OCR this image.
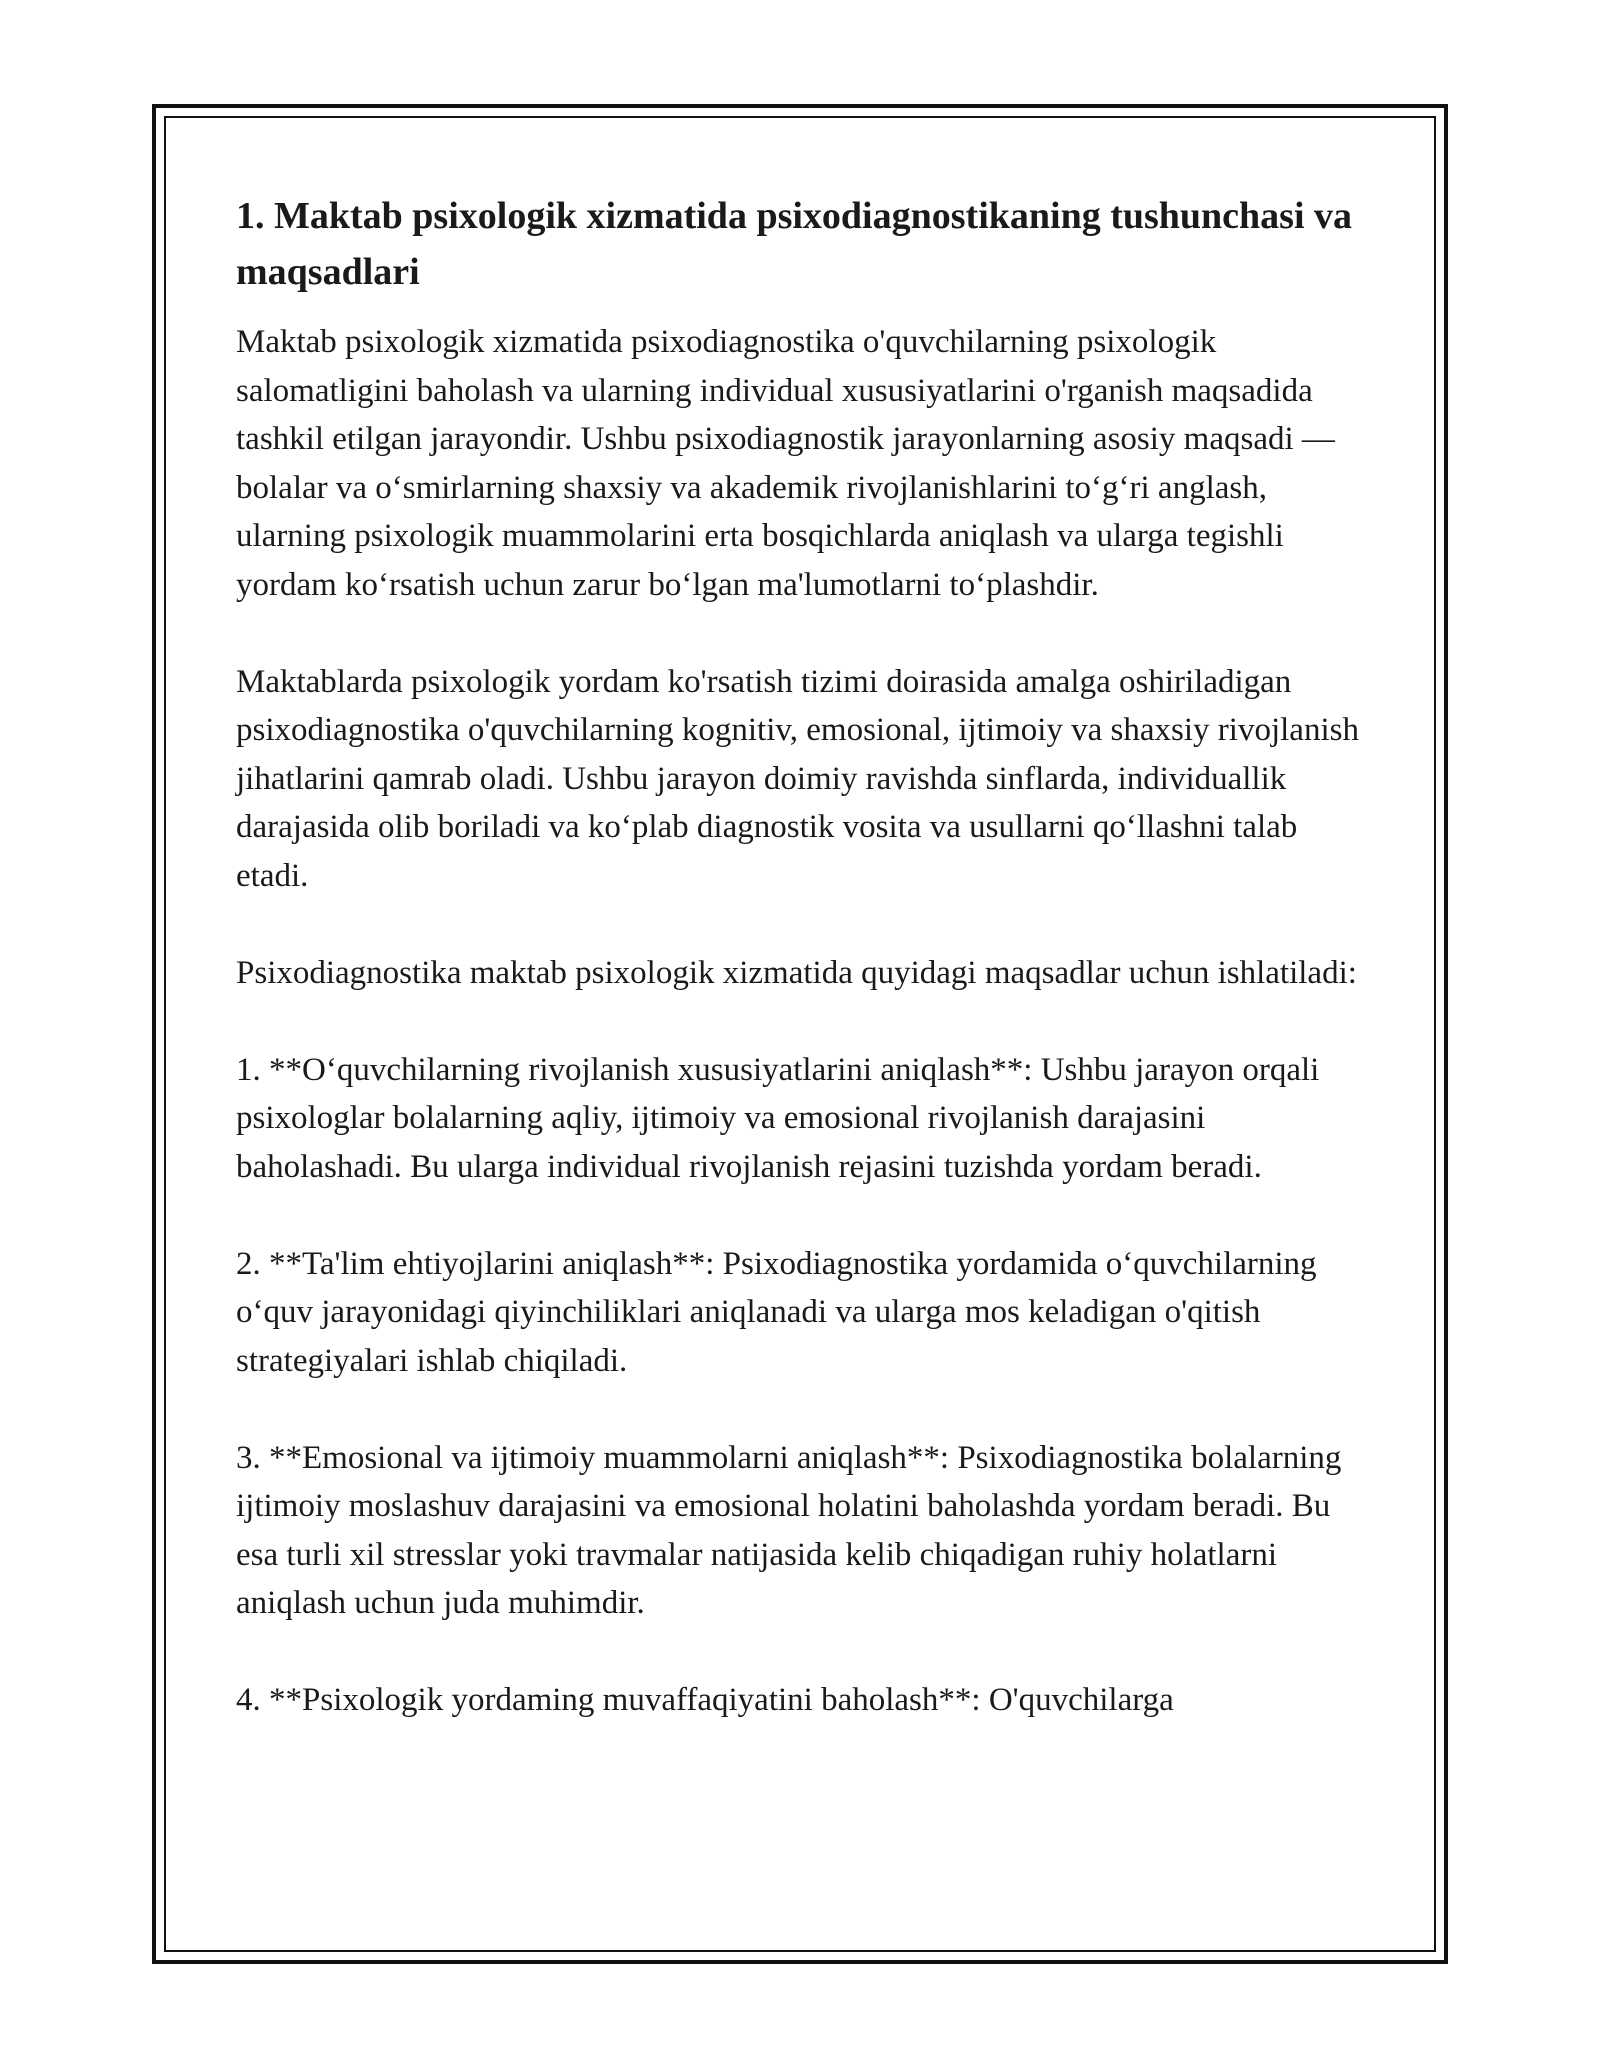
1. Maktab psixologik xizmatida psixodiagnostikaning tushunchasi va maqsadlari

Maktab psixologik xizmatida psixodiagnostika o'quvchilarning psixologik salomatligini baholash va ularning individual xususiyatlarini o'rganish maqsadida tashkil etilgan jarayondir. Ushbu psixodiagnostik jarayonlarning asosiy maqsadi — bolalar va o‘smirlarning shaxsiy va akademik rivojlanishlarini to‘g‘ri anglash, ularning psixologik muammolarini erta bosqichlarda aniqlash va ularga tegishli yordam ko‘rsatish uchun zarur bo‘lgan ma'lumotlarni to‘plashdir.

Maktablarda psixologik yordam ko'rsatish tizimi doirasida amalga oshiriladigan psixodiagnostika o'quvchilarning kognitiv, emosional, ijtimoiy va shaxsiy rivojlanish jihatlarini qamrab oladi. Ushbu jarayon doimiy ravishda sinflarda, individuallik darajasida olib boriladi va ko‘plab diagnostik vosita va usullarni qo‘llashni talab etadi.

Psixodiagnostika maktab psixologik xizmatida quyidagi maqsadlar uchun ishlatiladi:

1. **O‘quvchilarning rivojlanish xususiyatlarini aniqlash**: Ushbu jarayon orqali psixologlar bolalarning aqliy, ijtimoiy va emosional rivojlanish darajasini baholashadi. Bu ularga individual rivojlanish rejasini tuzishda yordam beradi.

2. **Ta'lim ehtiyojlarini aniqlash**: Psixodiagnostika yordamida o‘quvchilarning o‘quv jarayonidagi qiyinchiliklari aniqlanadi va ularga mos keladigan o'qitish strategiyalari ishlab chiqiladi.

3. **Emosional va ijtimoiy muammolarni aniqlash**: Psixodiagnostika bolalarning ijtimoiy moslashuv darajasini va emosional holatini baholashda yordam beradi. Bu esa turli xil stresslar yoki travmalar natijasida kelib chiqadigan ruhiy holatlarni aniqlash uchun juda muhimdir.

4. **Psixologik yordaming muvaffaqiyatini baholash**: O'quvchilarga
